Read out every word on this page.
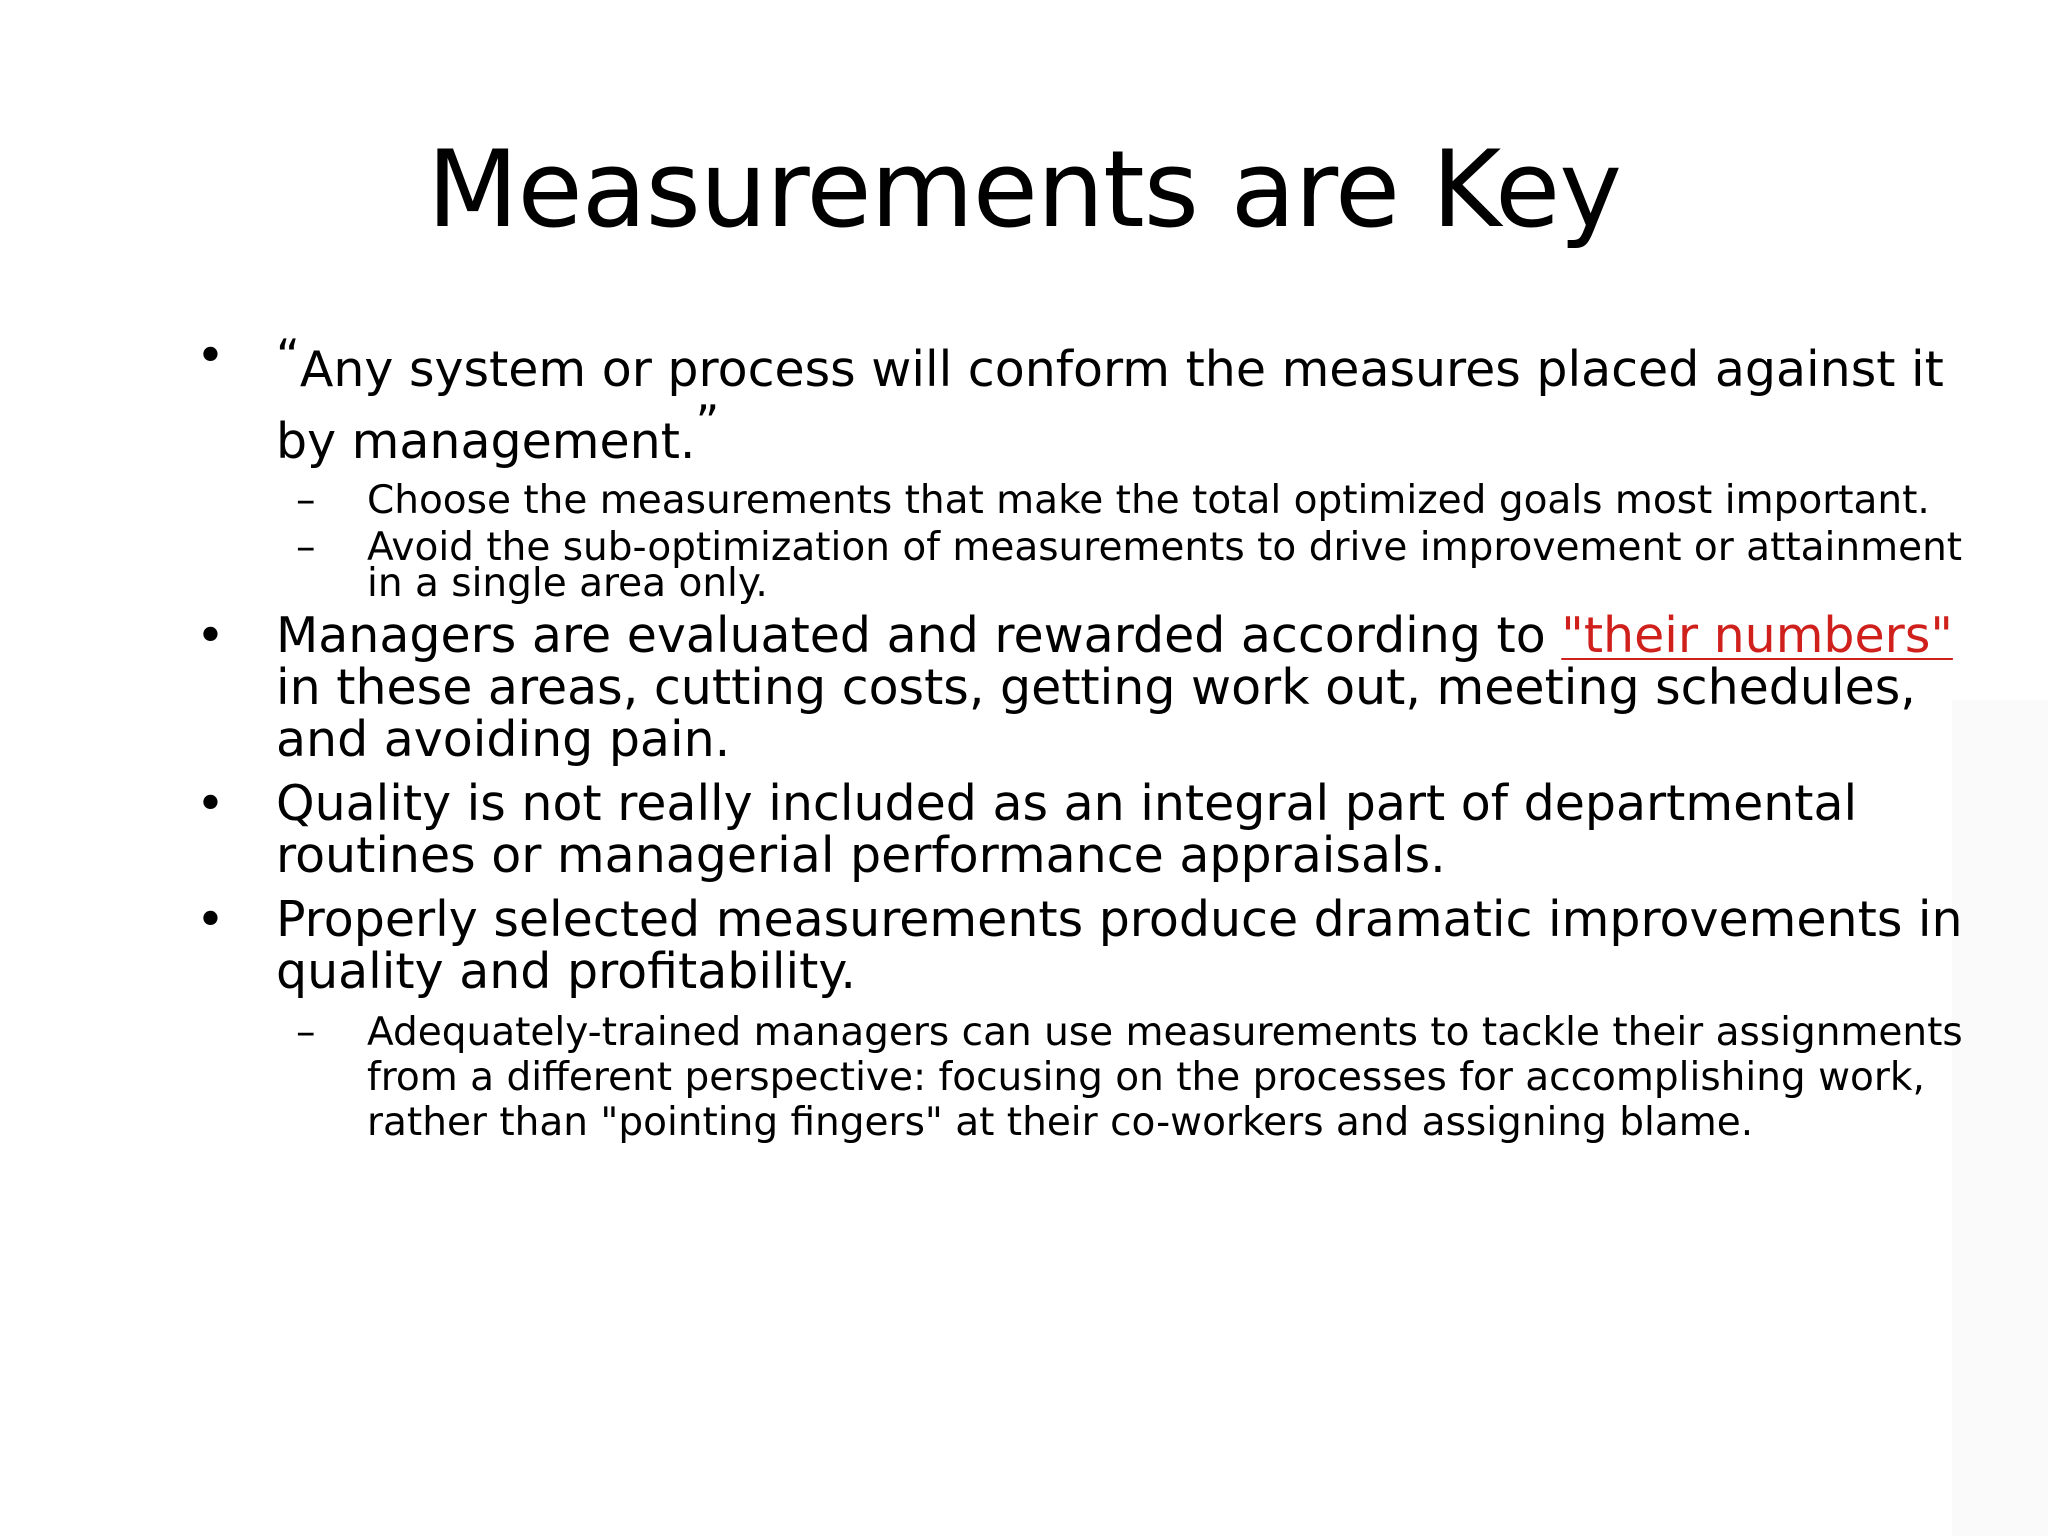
Measurements are Key
• “Any system or process will conform the measures placed against it by management.”
– Choose the measurements that make the total optimized goals most important.
– Avoid the sub-optimization of measurements to drive improvement or attainment in a single area only.
• Managers are evaluated and rewarded according to "their numbers" in these areas, cutting costs, getting work out, meeting schedules, and avoiding pain.
• Quality is not really included as an integral part of departmental routines or managerial performance appraisals.
• Properly selected measurements produce dramatic improvements in quality and profitability.
– Adequately-trained managers can use measurements to tackle their assignments from a different perspective: focusing on the processes for accomplishing work, rather than "pointing fingers" at their co-workers and assigning blame.
